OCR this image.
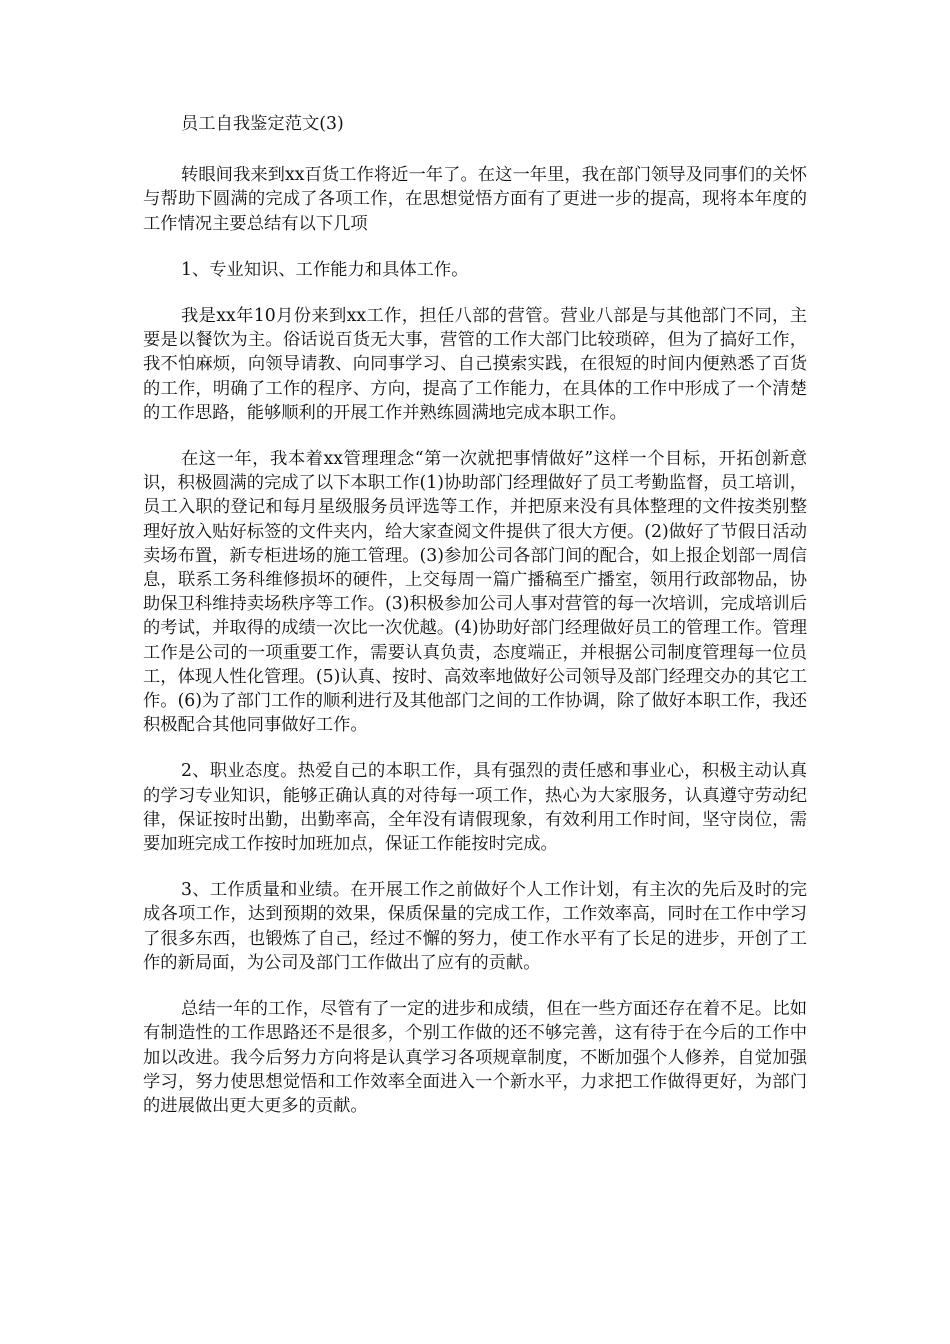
员工自我鉴定范文(3)

转眼间我来到xx百货工作将近一年了。在这一年里，我在部门领导及同事们的关怀与帮助下圆满的完成了各项工作，在思想觉悟方面有了更进一步的提高，现将本年度的工作情况主要总结有以下几项

1、专业知识、工作能力和具体工作。

我是xx年10月份来到xx工作，担任八部的营管。营业八部是与其他部门不同，主要是以餐饮为主。俗话说百货无大事，营管的工作大部门比较琐碎，但为了搞好工作，我不怕麻烦，向领导请教、向同事学习、自己摸索实践，在很短的时间内便熟悉了百货的工作，明确了工作的程序、方向，提高了工作能力，在具体的工作中形成了一个清楚的工作思路，能够顺利的开展工作并熟练圆满地完成本职工作。

在这一年，我本着xx管理理念“第一次就把事情做好”这样一个目标，开拓创新意识，积极圆满的完成了以下本职工作(1)协助部门经理做好了员工考勤监督，员工培训，员工入职的登记和每月星级服务员评选等工作，并把原来没有具体整理的文件按类别整理好放入贴好标签的文件夹内，给大家查阅文件提供了很大方便。(2)做好了节假日活动卖场布置，新专柜进场的施工管理。(3)参加公司各部门间的配合，如上报企划部一周信息，联系工务科维修损坏的硬件，上交每周一篇广播稿至广播室，领用行政部物品，协助保卫科维持卖场秩序等工作。(3)积极参加公司人事对营管的每一次培训，完成培训后的考试，并取得的成绩一次比一次优越。(4)协助好部门经理做好员工的管理工作。管理工作是公司的一项重要工作，需要认真负责，态度端正，并根据公司制度管理每一位员工，体现人性化管理。(5)认真、按时、高效率地做好公司领导及部门经理交办的其它工作。(6)为了部门工作的顺利进行及其他部门之间的工作协调，除了做好本职工作，我还积极配合其他同事做好工作。

2、职业态度。热爱自己的本职工作，具有强烈的责任感和事业心，积极主动认真的学习专业知识，能够正确认真的对待每一项工作，热心为大家服务，认真遵守劳动纪律，保证按时出勤，出勤率高，全年没有请假现象，有效利用工作时间，坚守岗位，需要加班完成工作按时加班加点，保证工作能按时完成。

3、工作质量和业绩。在开展工作之前做好个人工作计划，有主次的先后及时的完成各项工作，达到预期的效果，保质保量的完成工作，工作效率高，同时在工作中学习了很多东西，也锻炼了自己，经过不懈的努力，使工作水平有了长足的进步，开创了工作的新局面，为公司及部门工作做出了应有的贡献。

总结一年的工作，尽管有了一定的进步和成绩，但在一些方面还存在着不足。比如有制造性的工作思路还不是很多，个别工作做的还不够完善，这有待于在今后的工作中加以改进。我今后努力方向将是认真学习各项规章制度，不断加强个人修养，自觉加强学习，努力使思想觉悟和工作效率全面进入一个新水平，力求把工作做得更好，为部门的进展做出更大更多的贡献。
